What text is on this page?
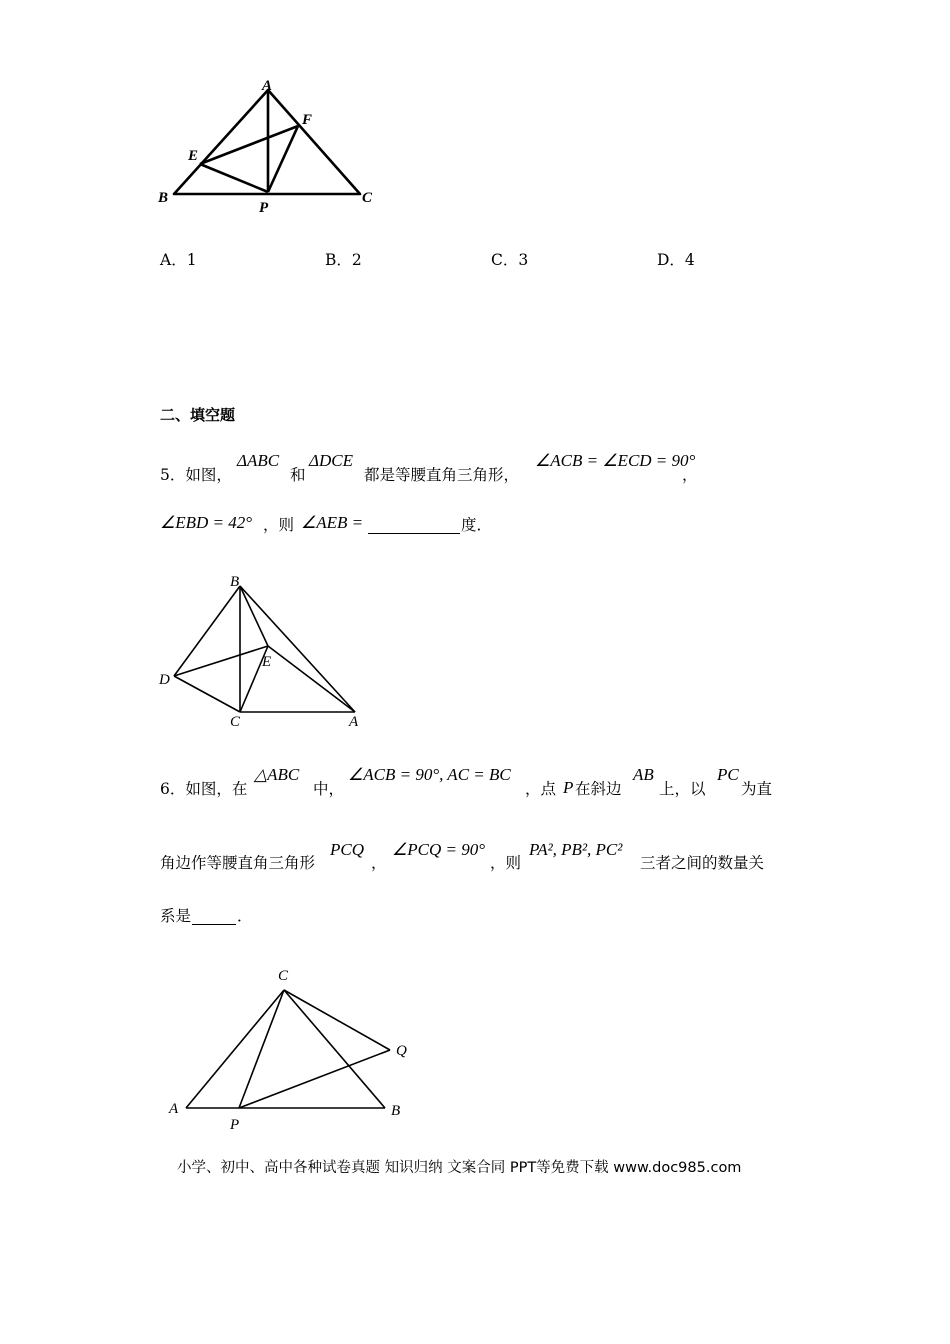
A
B	C
E
F
P
A．1	B．2	C．3	D．4
二、填空题
5．如图，
ΔABC
和
ΔDCE
都是等腰直角三角形，
∠ACB = ∠ECD = 90°
，
∠EBD = 42° ，则 ∠AEB =	度．
B
D
E
C	A
6．如图，在
△ABC
中，
∠ACB = 90°, AC = BC
，点 P 在斜边
AB
上，以
PC
为直
角边作等腰直角三角形
PCQ
，
∠PCQ = 90°
，则
PA², PB², PC²
三者之间的数量关
系是	．
C
Q
A
P
B
小学、初中、高中各种试卷真题 知识归纳 文案合同 PPT等免费下载 www.doc985.com
